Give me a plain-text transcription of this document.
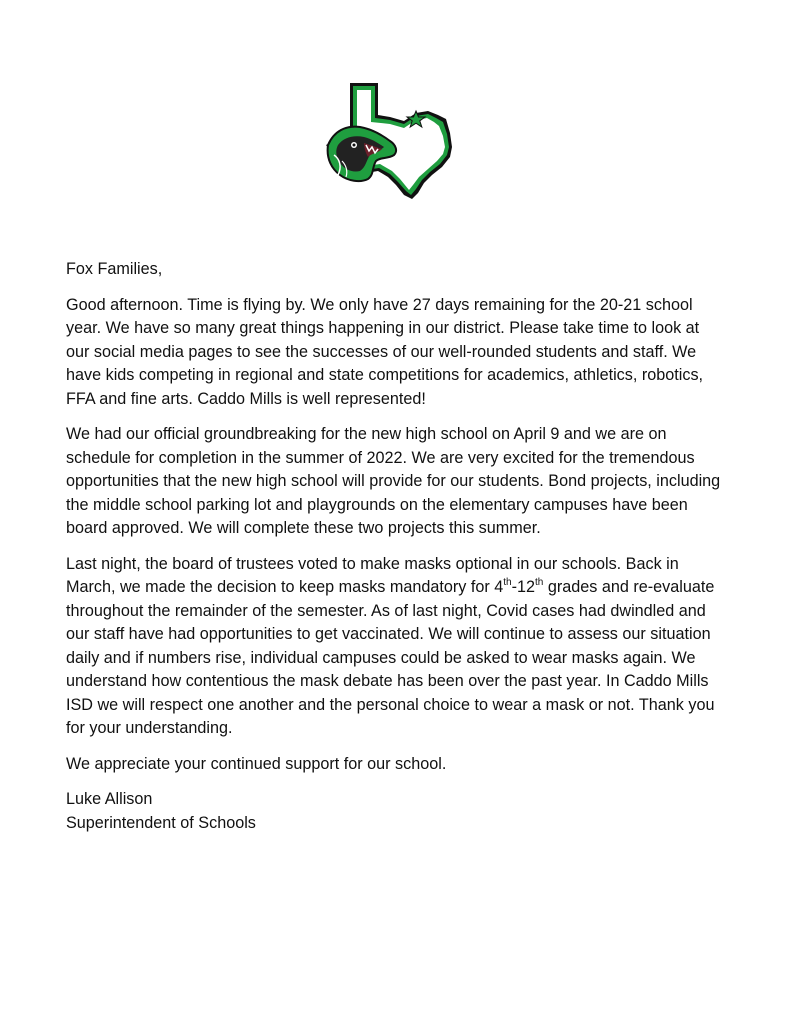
Fox Families,

Good afternoon. Time is flying by. We only have 27 days remaining for the 20-21 school year. We have so many great things happening in our district. Please take time to look at our social media pages to see the successes of our well-rounded students and staff. We have kids competing in regional and state competitions for academics, athletics, robotics, FFA and fine arts. Caddo Mills is well represented!

We had our official groundbreaking for the new high school on April 9 and we are on schedule for completion in the summer of 2022. We are very excited for the tremendous opportunities that the new high school will provide for our students. Bond projects, including the middle school parking lot and playgrounds on the elementary campuses have been board approved. We will complete these two projects this summer.

Last night, the board of trustees voted to make masks optional in our schools. Back in March, we made the decision to keep masks mandatory for 4th-12th grades and re-evaluate throughout the remainder of the semester. As of last night, Covid cases had dwindled and our staff have had opportunities to get vaccinated. We will continue to assess our situation daily and if numbers rise, individual campuses could be asked to wear masks again. We understand how contentious the mask debate has been over the past year. In Caddo Mills ISD we will respect one another and the personal choice to wear a mask or not. Thank you for your understanding.

We appreciate your continued support for our school.

Luke Allison
Superintendent of Schools
